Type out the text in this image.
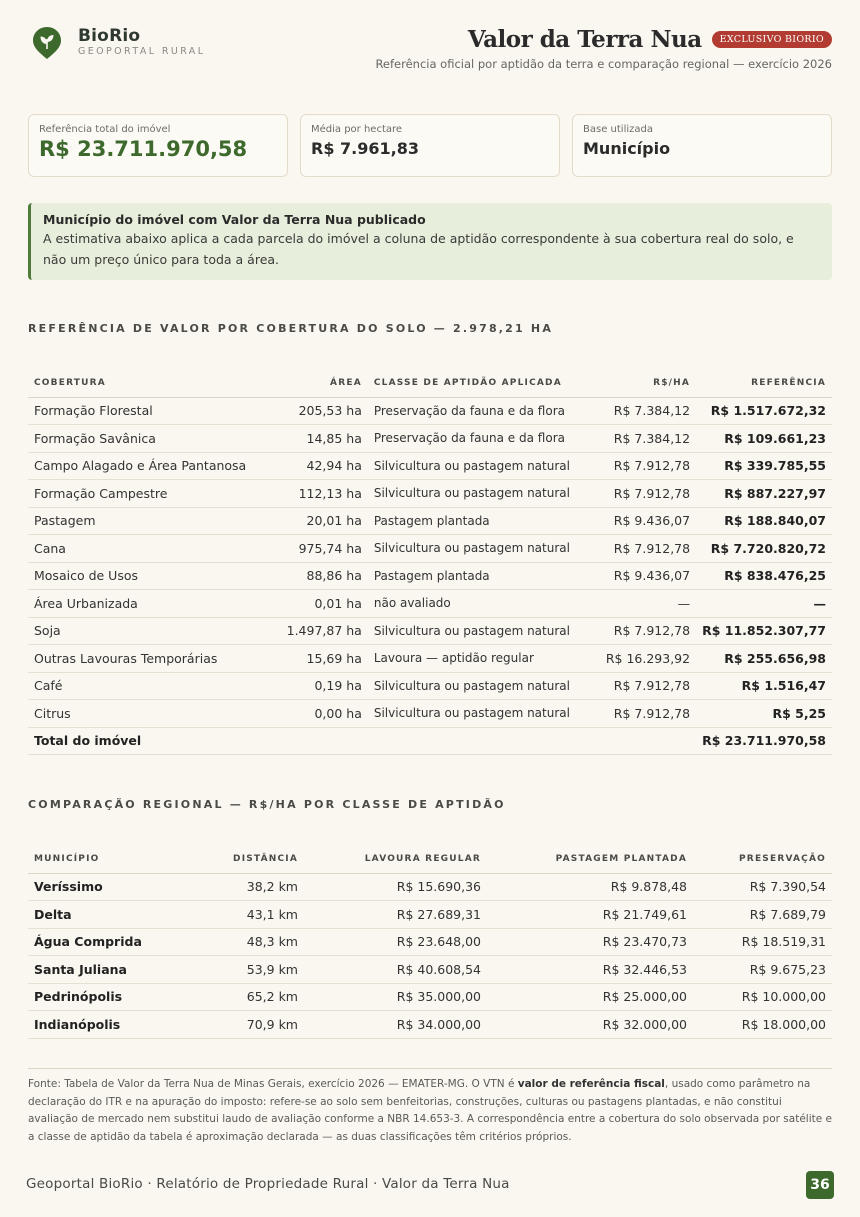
BioRio
GEOPORTAL RURAL	Valor da Terra Nua	EXCLUSIVO BIORIO
Referência oficial por aptidão da terra e comparação regional — exercício 2026
Referência total do imóvel
R$ 23.711.970,58
Média por hectare
R$ 7.961,83
Base utilizada
Município
Município do imóvel com Valor da Terra Nua publicado
A estimativa abaixo aplica a cada parcela do imóvel a coluna de aptidão correspondente à sua cobertura real do solo, e não um preço único para toda a área.
REFERÊNCIA DE VALOR POR COBERTURA DO SOLO — 2.978,21 HA
COBERTURA	ÁREA	CLASSE DE APTIDÃO APLICADA	R$/HA	REFERÊNCIA
Formação Florestal	205,53 ha	Preservação da fauna e da flora	R$ 7.384,12	R$ 1.517.672,32
Formação Savânica	14,85 ha	Preservação da fauna e da flora	R$ 7.384,12	R$ 109.661,23
Campo Alagado e Área Pantanosa	42,94 ha	Silvicultura ou pastagem natural	R$ 7.912,78	R$ 339.785,55
Formação Campestre	112,13 ha	Silvicultura ou pastagem natural	R$ 7.912,78	R$ 887.227,97
Pastagem	20,01 ha	Pastagem plantada	R$ 9.436,07	R$ 188.840,07
Cana	975,74 ha	Silvicultura ou pastagem natural	R$ 7.912,78	R$ 7.720.820,72
Mosaico de Usos	88,86 ha	Pastagem plantada	R$ 9.436,07	R$ 838.476,25
Área Urbanizada	0,01 ha	não avaliado	—	—
Soja	1.497,87 ha	Silvicultura ou pastagem natural	R$ 7.912,78	R$ 11.852.307,77
Outras Lavouras Temporárias	15,69 ha	Lavoura — aptidão regular	R$ 16.293,92	R$ 255.656,98
Café	0,19 ha	Silvicultura ou pastagem natural	R$ 7.912,78	R$ 1.516,47
Citrus	0,00 ha	Silvicultura ou pastagem natural	R$ 7.912,78	R$ 5,25
Total do imóvel				R$ 23.711.970,58
COMPARAÇÃO REGIONAL — R$/HA POR CLASSE DE APTIDÃO
MUNICÍPIO	DISTÂNCIA	LAVOURA REGULAR	PASTAGEM PLANTADA	PRESERVAÇÃO
Veríssimo	38,2 km	R$ 15.690,36	R$ 9.878,48	R$ 7.390,54
Delta	43,1 km	R$ 27.689,31	R$ 21.749,61	R$ 7.689,79
Água Comprida	48,3 km	R$ 23.648,00	R$ 23.470,73	R$ 18.519,31
Santa Juliana	53,9 km	R$ 40.608,54	R$ 32.446,53	R$ 9.675,23
Pedrinópolis	65,2 km	R$ 35.000,00	R$ 25.000,00	R$ 10.000,00
Indianópolis	70,9 km	R$ 34.000,00	R$ 32.000,00	R$ 18.000,00
Fonte: Tabela de Valor da Terra Nua de Minas Gerais, exercício 2026 — EMATER-MG. O VTN é valor de referência fiscal, usado como parâmetro na declaração do ITR e na apuração do imposto: refere-se ao solo sem benfeitorias, construções, culturas ou pastagens plantadas, e não constitui avaliação de mercado nem substitui laudo de avaliação conforme a NBR 14.653-3. A correspondência entre a cobertura do solo observada por satélite e a classe de aptidão da tabela é aproximação declarada — as duas classificações têm critérios próprios.
Geoportal BioRio · Relatório de Propriedade Rural · Valor da Terra Nua	36
